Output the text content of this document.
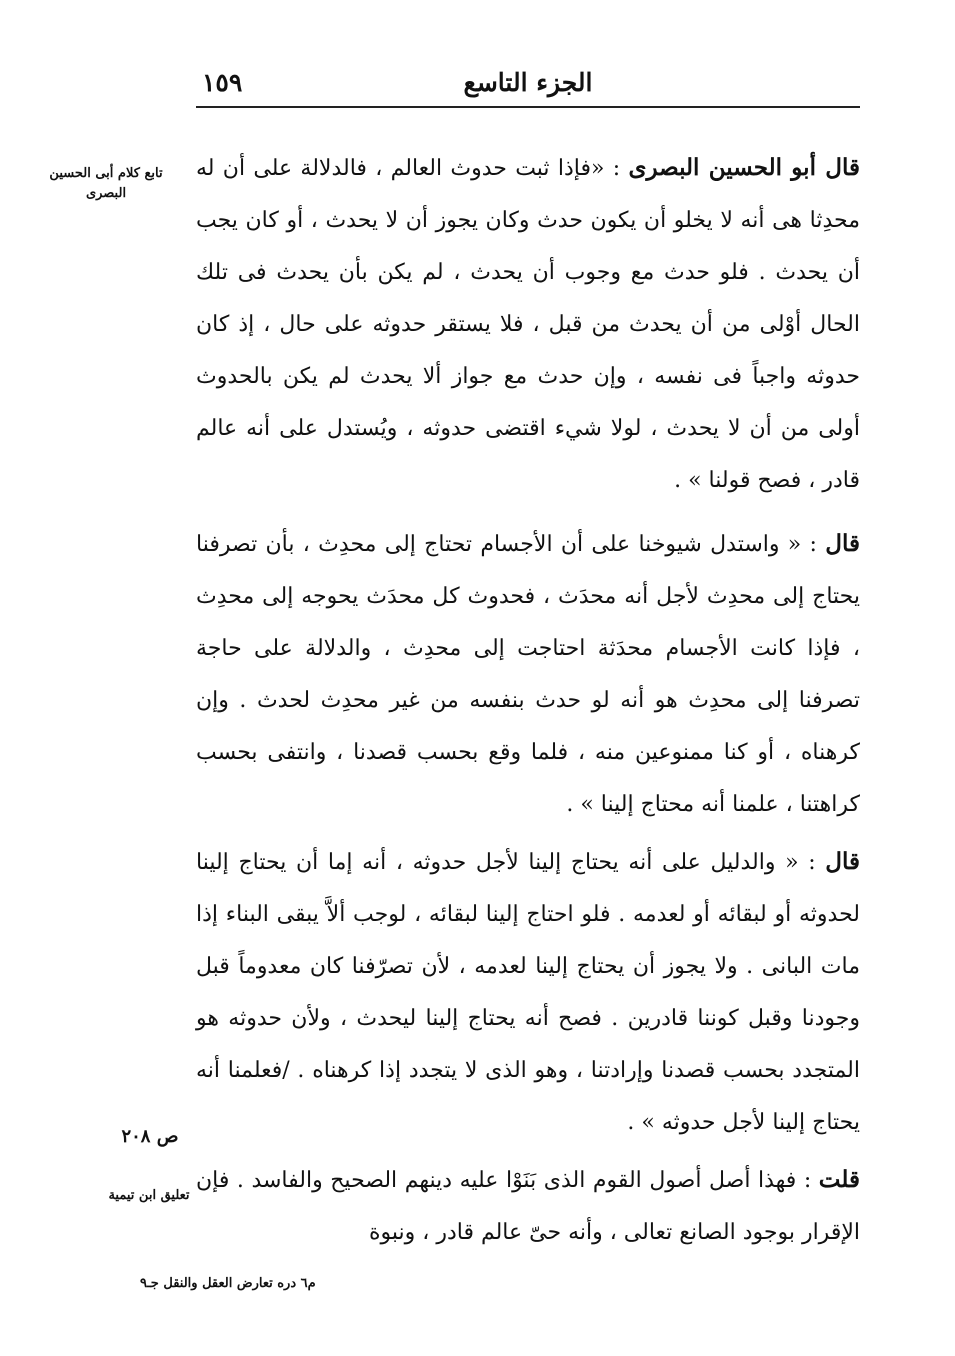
١٥٩	الجزء التاسع
تابع كلام أبى الحسين البصرى

قال أبو الحسين البصرى : «فإذا ثبت حدوث العالم ، فالدلالة على أن له محدِثا هى أنه لا يخلو أن يكون حدث وكان يجوز أن لا يحدث ، أو كان يجب أن يحدث . فلو حدث مع وجوب أن يحدث ، لم يكن بأن يحدث فى تلك الحال أوْلى من أن يحدث من قبل ، فلا يستقر حدوثه على حال ، إذ كان حدوثه واجباً فى نفسه ، وإن حدث مع جواز ألا يحدث لم يكن بالحدوث أولى من أن لا يحدث ، لولا شيء اقتضى حدوثه ، ويُستدل على أنه عالم قادر ، فصح قولنا » .

قال : « واستدل شيوخنا على أن الأجسام تحتاج إلى محدِث ، بأن تصرفنا يحتاج إلى محدِث لأجل أنه محدَث ، فحدوث كل محدَث يحوجه إلى محدِث ، فإذا كانت الأجسام محدَثة احتاجت إلى محدِث ، والدلالة على حاجة تصرفنا إلى محدِث هو أنه لو حدث بنفسه من غير محدِث لحدث . وإن كرهناه ، أو كنا ممنوعين منه ، فلما وقع بحسب قصدنا ، وانتفى بحسب كراهتنا ، علمنا أنه محتاج إلينا » .

قال : « والدليل على أنه يحتاج إلينا لأجل حدوثه ، أنه إما أن يحتاج إلينا لحدوثه أو لبقائه أو لعدمه . فلو احتاج إلينا لبقائه ، لوجب ألاَّ يبقى البناء إذا مات البانى . ولا يجوز أن يحتاج إلينا لعدمه ، لأن تصرّفنا كان معدوماً قبل وجودنا وقبل كوننا قادرين . فصح أنه يحتاج إلينا ليحدث ، ولأن حدوثه هو المتجدد بحسب قصدنا وإرادتنا ، وهو الذى لا يتجدد إذا كرهناه . /فعلمنا أنه يحتاج إلينا لأجل حدوثه » .

ص ٢٠٨
تعليق ابن تيمية

قلت : فهذا أصل أصول القوم الذى بَنَوْا عليه دينهم الصحيح والفاسد . فإن الإقرار بوجود الصانع تعالى ، وأنه حىّ عالم قادر ، ونبوة

م٦ دره تعارض العقل والنقل جـ٩
